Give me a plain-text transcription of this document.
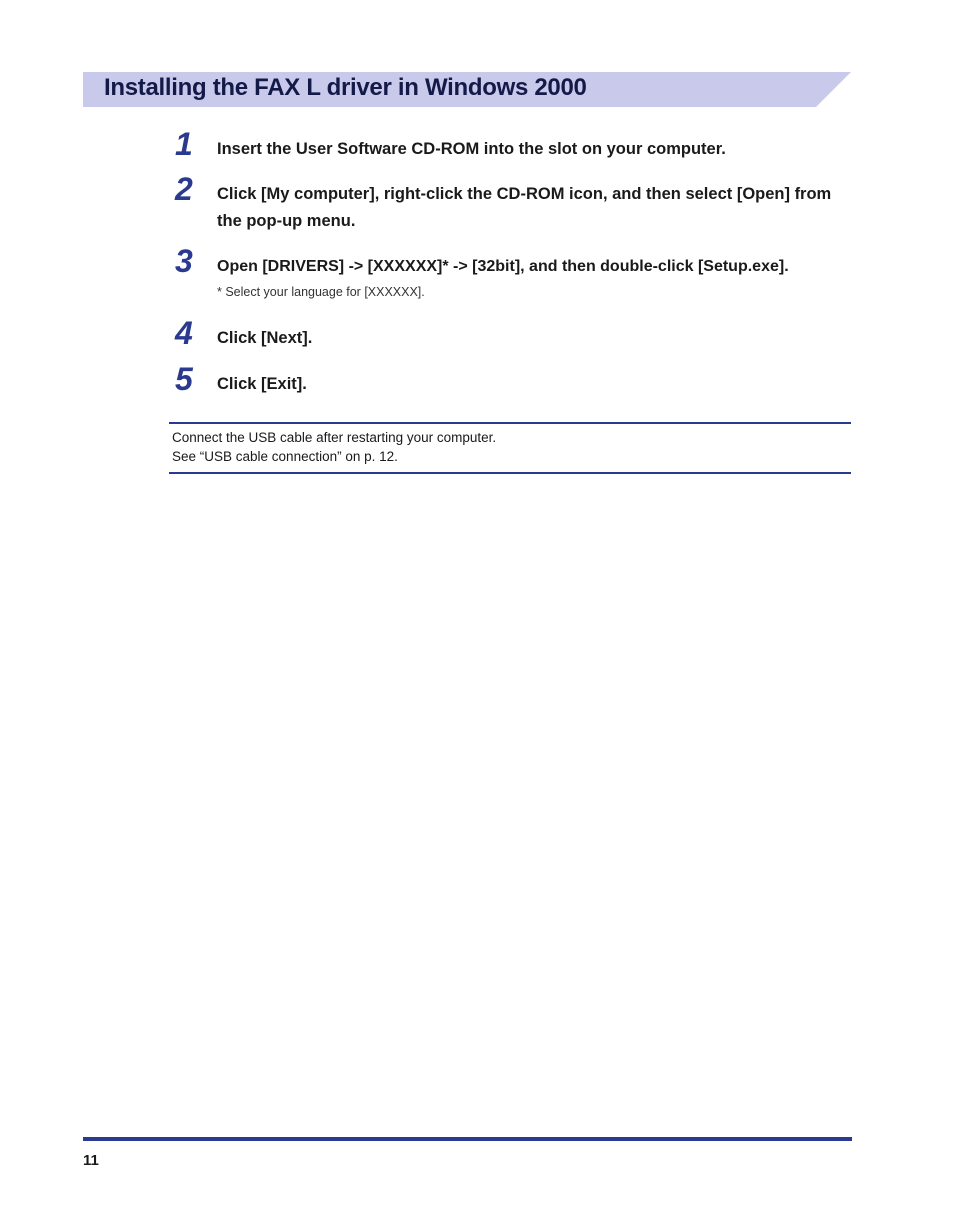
Installing the FAX L driver in Windows 2000
1 Insert the User Software CD-ROM into the slot on your computer.
2 Click [My computer], right-click the CD-ROM icon, and then select [Open] from the pop-up menu.
3 Open [DRIVERS] -> [XXXXXX]* -> [32bit], and then double-click [Setup.exe].
* Select your language for [XXXXXX].
4 Click [Next].
5 Click [Exit].
Connect the USB cable after restarting your computer.
See “USB cable connection” on p. 12.
11
